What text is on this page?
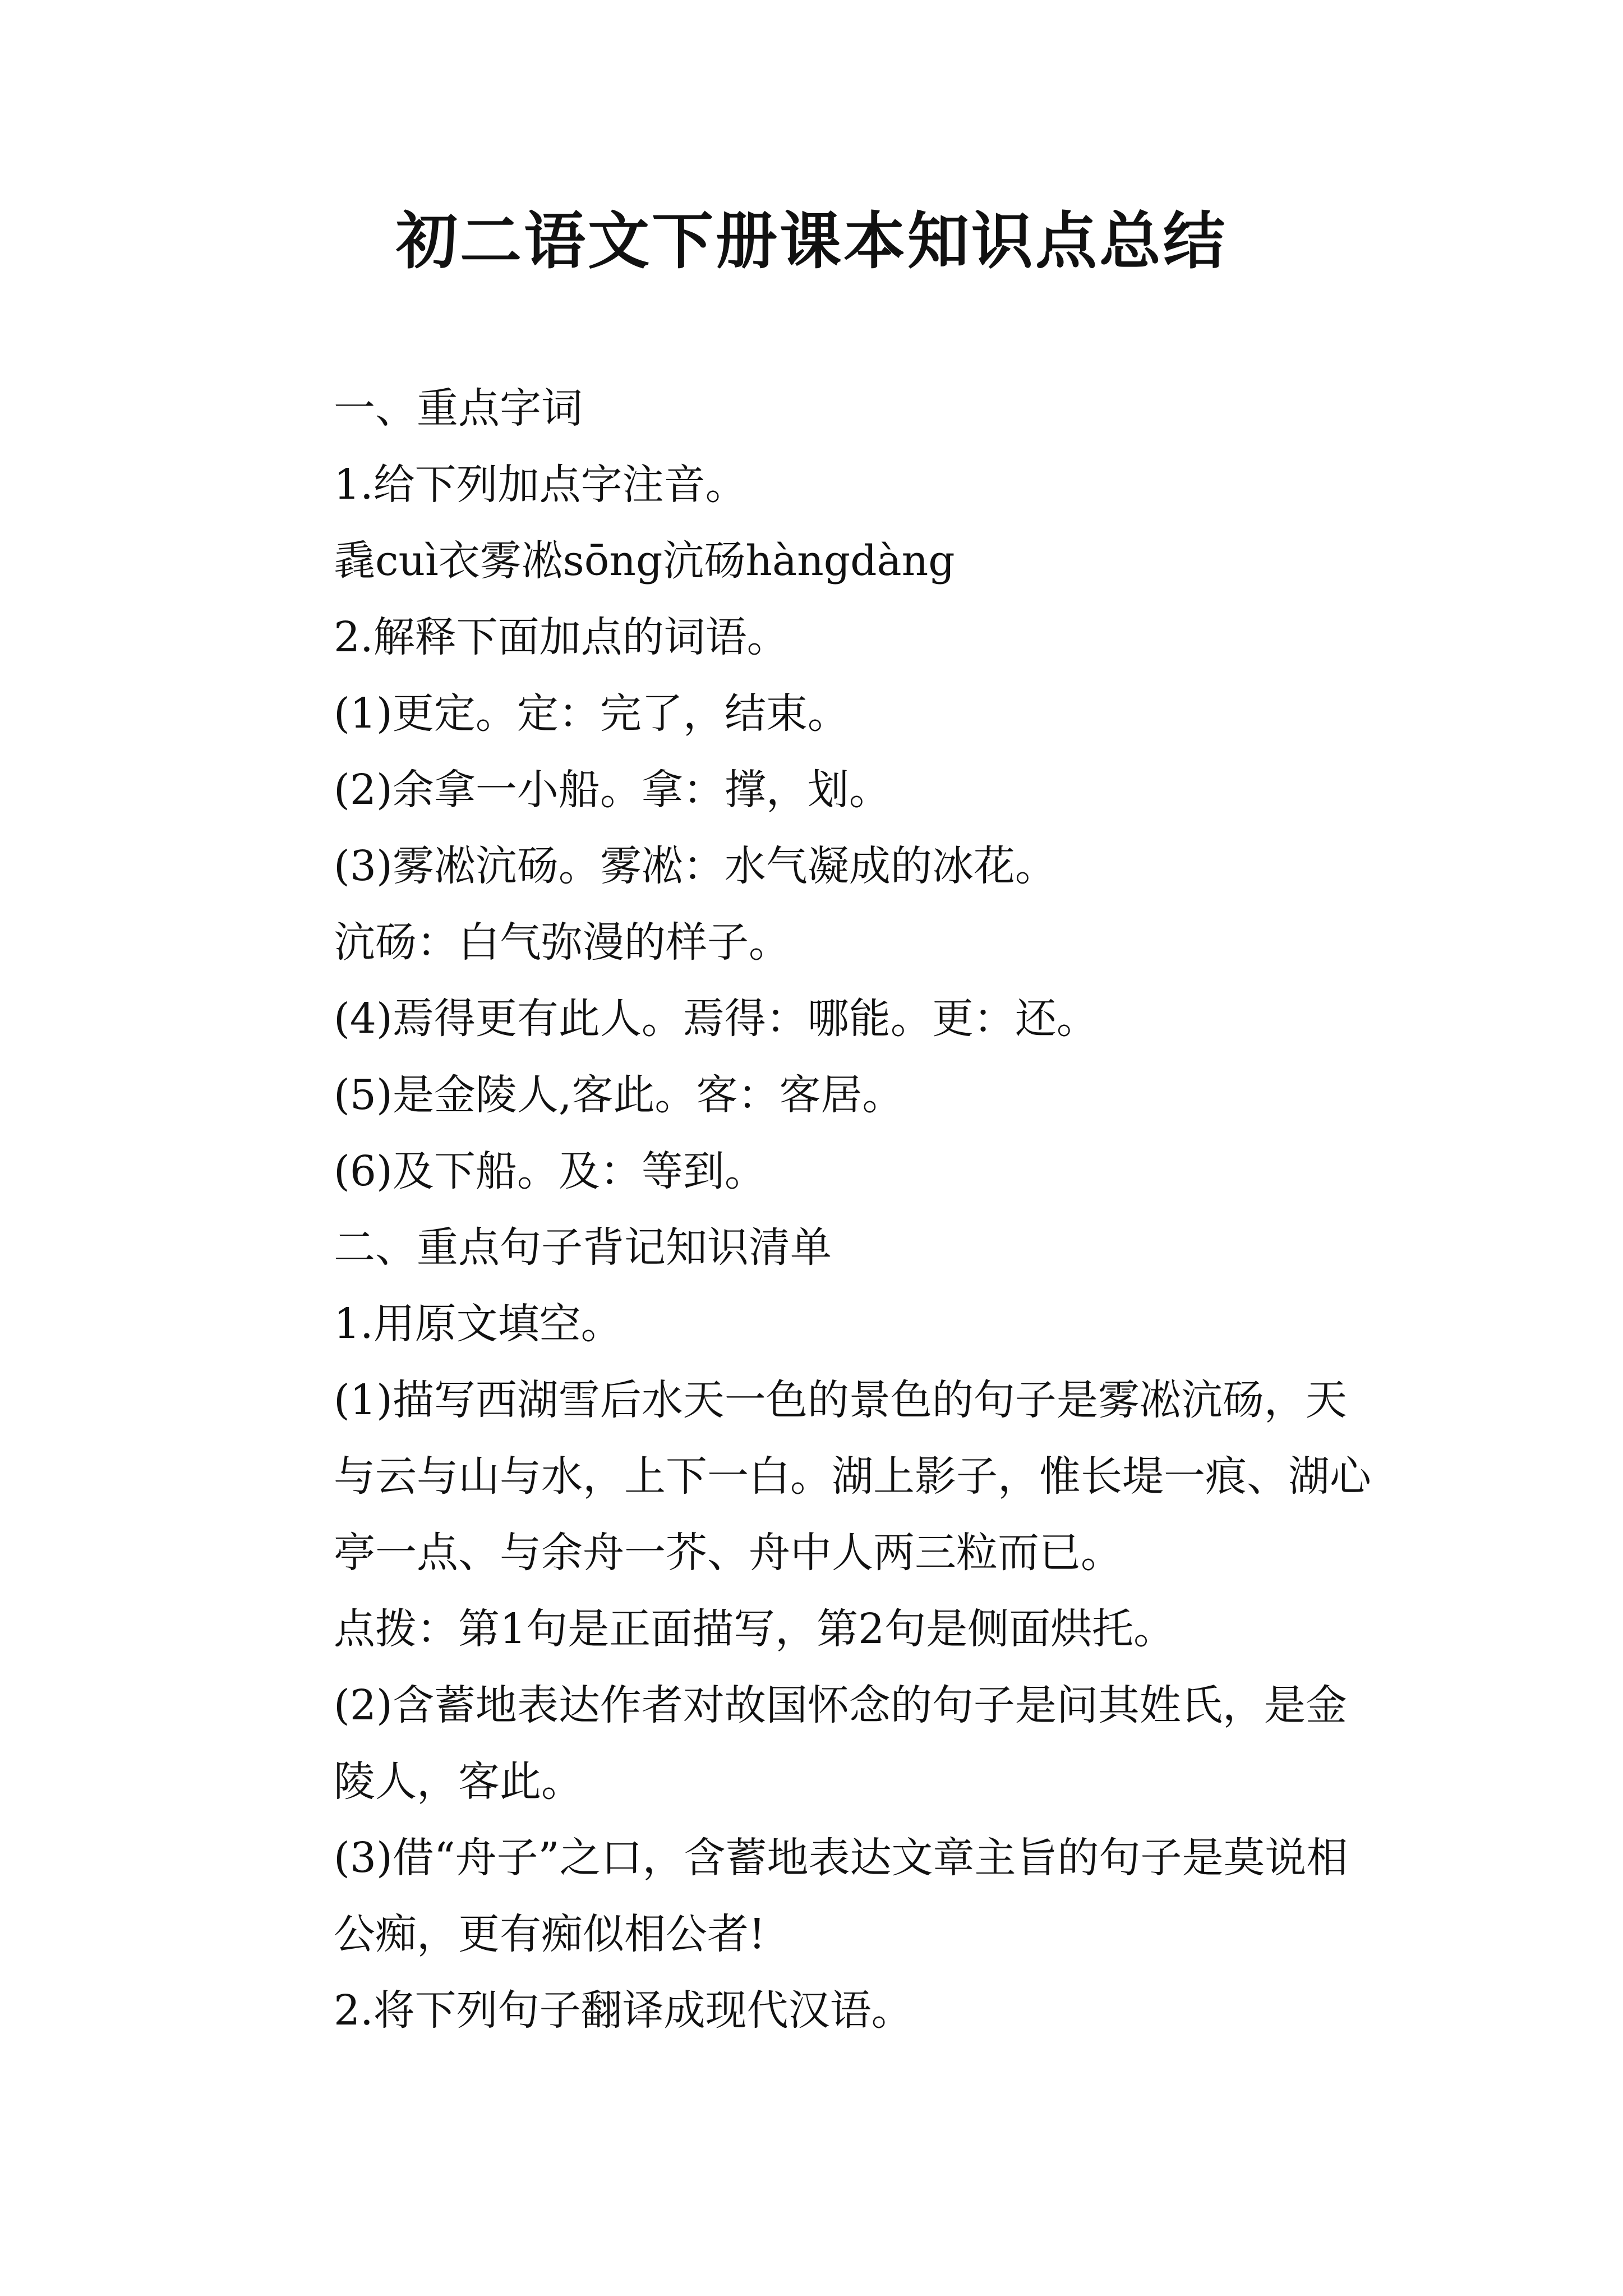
初二语文下册课本知识点总结

一、重点字词

1.给下列加点字注音。

毳cuì衣雾凇sōng沆砀hàngdàng

2.解释下面加点的词语。

(1)更定。定：完了，结束。

(2)余拿一小船。拿：撑，划。

(3)雾凇沆砀。雾凇：水气凝成的冰花。

沆砀：白气弥漫的样子。

(4)焉得更有此人。焉得：哪能。更：还。

(5)是金陵人,客此。客：客居。

(6)及下船。及：等到。

二、重点句子背记知识清单

1.用原文填空。

(1)描写西湖雪后水天一色的景色的句子是雾凇沆砀，天与云与山与水，上下一白。湖上影子，惟长堤一痕、湖心亭一点、与余舟一芥、舟中人两三粒而已。

点拨：第1句是正面描写，第2句是侧面烘托。

(2)含蓄地表达作者对故国怀念的句子是问其姓氏，是金陵人，客此。

(3)借“舟子”之口，含蓄地表达文章主旨的句子是莫说相公痴，更有痴似相公者!

2.将下列句子翻译成现代汉语。
